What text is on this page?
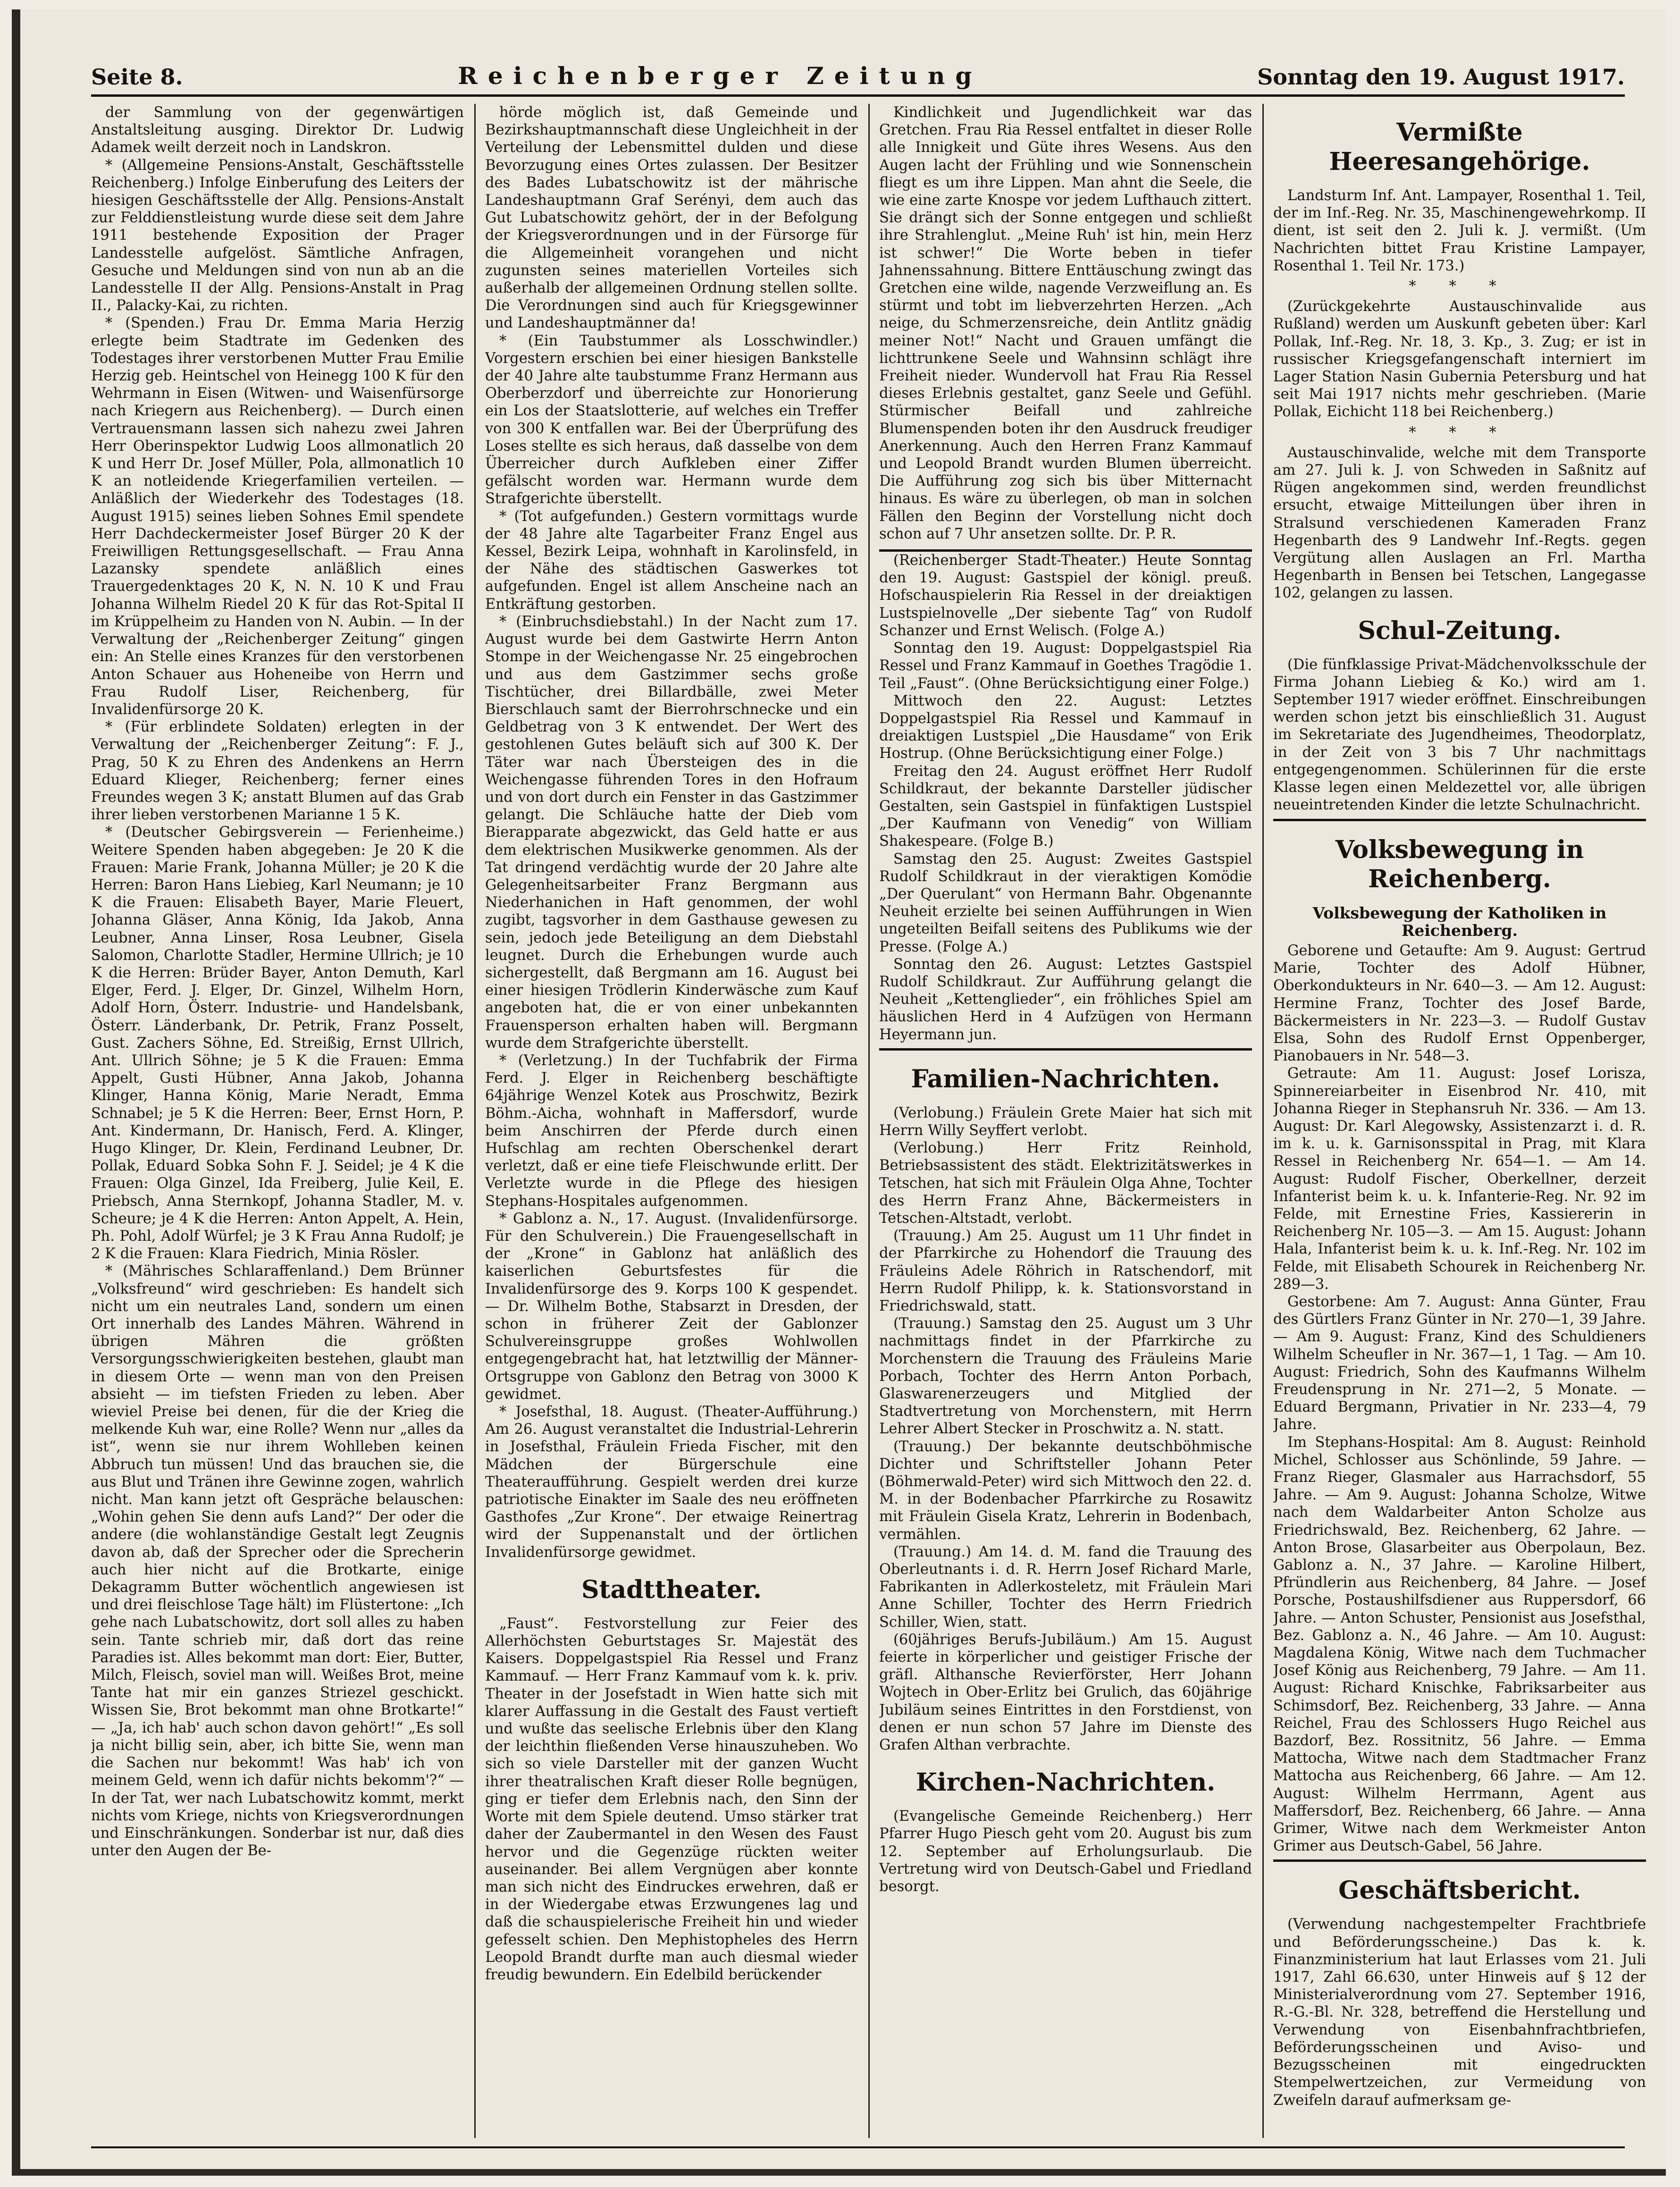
Seite 8.	Reichenberger Zeitung	Sonntag den 19. August 1917.

der Sammlung von der gegenwärtigen Anstaltsleitung ausging. Direktor Dr. Ludwig Adamek weilt derzeit noch in Landskron.

* (Allgemeine Pensions-Anstalt, Geschäftsstelle Reichenberg.) Infolge Einberufung des Leiters der hiesigen Geschäftsstelle der Allg. Pensions-Anstalt zur Felddienstleistung wurde diese seit dem Jahre 1911 bestehende Exposition der Prager Landesstelle aufgelöst. Sämtliche Anfragen, Gesuche und Meldungen sind von nun ab an die Landesstelle II der Allg. Pensions-Anstalt in Prag II., Palacky-Kai, zu richten.

* (Spenden.) Frau Dr. Emma Maria Herzig erlegte beim Stadtrate im Gedenken des Todestages ihrer verstorbenen Mutter Frau Emilie Herzig geb. Heintschel von Heinegg 100 K für den Wehrmann in Eisen (Witwen- und Waisenfürsorge nach Kriegern aus Reichenberg). — Durch einen Vertrauensmann lassen sich nahezu zwei Jahren Herr Oberinspektor Ludwig Loos allmonatlich 20 K und Herr Dr. Josef Müller, Pola, allmonatlich 10 K an notleidende Kriegerfamilien verteilen. — Anläßlich der Wiederkehr des Todestages (18. August 1915) seines lieben Sohnes Emil spendete Herr Dachdeckermeister Josef Bürger 20 K der Freiwilligen Rettungsgesellschaft. — Frau Anna Lazansky spendete anläßlich eines Trauergedenktages 20 K, N. N. 10 K und Frau Johanna Wilhelm Riedel 20 K für das Rot-Spital II im Krüppelheim zu Handen von N. Aubin. — In der Verwaltung der „Reichenberger Zeitung“ gingen ein: An Stelle eines Kranzes für den verstorbenen Anton Schauer aus Hoheneibe von Herrn und Frau Rudolf Liser, Reichenberg, für Invalidenfürsorge 20 K.

* (Für erblindete Soldaten) erlegten in der Verwaltung der „Reichenberger Zeitung“: F. J., Prag, 50 K zu Ehren des Andenkens an Herrn Eduard Klieger, Reichenberg; ferner eines Freundes wegen 3 K; anstatt Blumen auf das Grab ihrer lieben verstorbenen Marianne 1 5 K.

* (Deutscher Gebirgsverein — Ferienheime.) Weitere Spenden haben abgegeben: Je 20 K die Frauen: Marie Frank, Johanna Müller; je 20 K die Herren: Baron Hans Liebieg, Karl Neumann; je 10 K die Frauen: Elisabeth Bayer, Marie Fleuert, Johanna Gläser, Anna König, Ida Jakob, Anna Leubner, Anna Linser, Rosa Leubner, Gisela Salomon, Charlotte Stadler, Hermine Ullrich; je 10 K die Herren: Brüder Bayer, Anton Demuth, Karl Elger, Ferd. J. Elger, Dr. Ginzel, Wilhelm Horn, Adolf Horn, Österr. Industrie- und Handelsbank, Österr. Länderbank, Dr. Petrik, Franz Posselt, Gust. Zachers Söhne, Ed. Streißig, Ernst Ullrich, Ant. Ullrich Söhne; je 5 K die Frauen: Emma Appelt, Gusti Hübner, Anna Jakob, Johanna Klinger, Hanna König, Marie Neradt, Emma Schnabel; je 5 K die Herren: Beer, Ernst Horn, P. Ant. Kindermann, Dr. Hanisch, Ferd. A. Klinger, Hugo Klinger, Dr. Klein, Ferdinand Leubner, Dr. Pollak, Eduard Sobka Sohn F. J. Seidel; je 4 K die Frauen: Olga Ginzel, Ida Freiberg, Julie Keil, E. Priebsch, Anna Sternkopf, Johanna Stadler, M. v. Scheure; je 4 K die Herren: Anton Appelt, A. Hein, Ph. Pohl, Adolf Würfel; je 3 K Frau Anna Rudolf; je 2 K die Frauen: Klara Fiedrich, Minia Rösler.

* (Mährisches Schlaraffenland.) Dem Brünner „Volksfreund“ wird geschrieben: Es handelt sich nicht um ein neutrales Land, sondern um einen Ort innerhalb des Landes Mähren. Während in übrigen Mähren die größten Versorgungsschwierigkeiten bestehen, glaubt man in diesem Orte — wenn man von den Preisen absieht — im tiefsten Frieden zu leben. Aber wieviel Preise bei denen, für die der Krieg die melkende Kuh war, eine Rolle? Wenn nur „alles da ist“, wenn sie nur ihrem Wohlleben keinen Abbruch tun müssen! Und das brauchen sie, die aus Blut und Tränen ihre Gewinne zogen, wahrlich nicht. Man kann jetzt oft Gespräche belauschen: „Wohin gehen Sie denn aufs Land?“ Der oder die andere (die wohlanständige Gestalt legt Zeugnis davon ab, daß der Sprecher oder die Sprecherin auch hier nicht auf die Brotkarte, einige Dekagramm Butter wöchentlich angewiesen ist und drei fleischlose Tage hält) im Flüstertone: „Ich gehe nach Lubatschowitz, dort soll alles zu haben sein. Tante schrieb mir, daß dort das reine Paradies ist. Alles bekommt man dort: Eier, Butter, Milch, Fleisch, soviel man will. Weißes Brot, meine Tante hat mir ein ganzes Striezel geschickt. Wissen Sie, Brot bekommt man ohne Brotkarte!“ — „Ja, ich hab' auch schon davon gehört!“ „Es soll ja nicht billig sein, aber, ich bitte Sie, wenn man die Sachen nur bekommt! Was hab' ich von meinem Geld, wenn ich dafür nichts bekomm'?“ — In der Tat, wer nach Lubatschowitz kommt, merkt nichts vom Kriege, nichts von Kriegsverordnungen und Einschränkungen. Sonderbar ist nur, daß dies unter den Augen der Be-

hörde möglich ist, daß Gemeinde und Bezirkshauptmannschaft diese Ungleichheit in der Verteilung der Lebensmittel dulden und diese Bevorzugung eines Ortes zulassen. Der Besitzer des Bades Lubatschowitz ist der mährische Landeshauptmann Graf Serényi, dem auch das Gut Lubatschowitz gehört, der in der Befolgung der Kriegsverordnungen und in der Fürsorge für die Allgemeinheit vorangehen und nicht zugunsten seines materiellen Vorteiles sich außerhalb der allgemeinen Ordnung stellen sollte. Die Verordnungen sind auch für Kriegsgewinner und Landeshauptmänner da!

* (Ein Taubstummer als Losschwindler.) Vorgestern erschien bei einer hiesigen Bankstelle der 40 Jahre alte taubstumme Franz Hermann aus Oberberzdorf und überreichte zur Honorierung ein Los der Staatslotterie, auf welches ein Treffer von 300 K entfallen war. Bei der Überprüfung des Loses stellte es sich heraus, daß dasselbe von dem Überreicher durch Aufkleben einer Ziffer gefälscht worden war. Hermann wurde dem Strafgerichte überstellt.

* (Tot aufgefunden.) Gestern vormittags wurde der 48 Jahre alte Tagarbeiter Franz Engel aus Kessel, Bezirk Leipa, wohnhaft in Karolinsfeld, in der Nähe des städtischen Gaswerkes tot aufgefunden. Engel ist allem Anscheine nach an Entkräftung gestorben.

* (Einbruchsdiebstahl.) In der Nacht zum 17. August wurde bei dem Gastwirte Herrn Anton Stompe in der Weichengasse Nr. 25 eingebrochen und aus dem Gastzimmer sechs große Tischtücher, drei Billardbälle, zwei Meter Bierschlauch samt der Bierrohrschnecke und ein Geldbetrag von 3 K entwendet. Der Wert des gestohlenen Gutes beläuft sich auf 300 K. Der Täter war nach Übersteigen des in die Weichengasse führenden Tores in den Hofraum und von dort durch ein Fenster in das Gastzimmer gelangt. Die Schläuche hatte der Dieb vom Bierapparate abgezwickt, das Geld hatte er aus dem elektrischen Musikwerke genommen. Als der Tat dringend verdächtig wurde der 20 Jahre alte Gelegenheitsarbeiter Franz Bergmann aus Niederhanichen in Haft genommen, der wohl zugibt, tagsvorher in dem Gasthause gewesen zu sein, jedoch jede Beteiligung an dem Diebstahl leugnet. Durch die Erhebungen wurde auch sichergestellt, daß Bergmann am 16. August bei einer hiesigen Trödlerin Kinderwäsche zum Kauf angeboten hat, die er von einer unbekannten Frauensperson erhalten haben will. Bergmann wurde dem Strafgerichte überstellt.

* (Verletzung.) In der Tuchfabrik der Firma Ferd. J. Elger in Reichenberg beschäftigte 64jährige Wenzel Kotek aus Proschwitz, Bezirk Böhm.-Aicha, wohnhaft in Maffersdorf, wurde beim Anschirren der Pferde durch einen Hufschlag am rechten Oberschenkel derart verletzt, daß er eine tiefe Fleischwunde erlitt. Der Verletzte wurde in die Pflege des hiesigen Stephans-Hospitales aufgenommen.

* Gablonz a. N., 17. August. (Invalidenfürsorge. Für den Schulverein.) Die Frauengesellschaft in der „Krone“ in Gablonz hat anläßlich des kaiserlichen Geburtsfestes für die Invalidenfürsorge des 9. Korps 100 K gespendet. — Dr. Wilhelm Bothe, Stabsarzt in Dresden, der schon in früherer Zeit der Gablonzer Schulvereinsgruppe großes Wohlwollen entgegengebracht hat, hat letztwillig der Männer-Ortsgruppe von Gablonz den Betrag von 3000 K gewidmet.

* Josefsthal, 18. August. (Theater-Aufführung.) Am 26. August veranstaltet die Industrial-Lehrerin in Josefsthal, Fräulein Frieda Fischer, mit den Mädchen der Bürgerschule eine Theateraufführung. Gespielt werden drei kurze patriotische Einakter im Saale des neu eröffneten Gasthofes „Zur Krone“. Der etwaige Reinertrag wird der Suppenanstalt und der örtlichen Invalidenfürsorge gewidmet.

Stadttheater.

„Faust“. Festvorstellung zur Feier des Allerhöchsten Geburtstages Sr. Majestät des Kaisers. Doppelgastspiel Ria Ressel und Franz Kammauf. — Herr Franz Kammauf vom k. k. priv. Theater in der Josefstadt in Wien hatte sich mit klarer Auffassung in die Gestalt des Faust vertieft und wußte das seelische Erlebnis über den Klang der leichthin fließenden Verse hinauszuheben. Wo sich so viele Darsteller mit der ganzen Wucht ihrer theatralischen Kraft dieser Rolle begnügen, ging er tiefer dem Erlebnis nach, den Sinn der Worte mit dem Spiele deutend. Umso stärker trat daher der Zaubermantel in den Wesen des Faust hervor und die Gegenzüge rückten weiter auseinander. Bei allem Vergnügen aber konnte man sich nicht des Eindruckes erwehren, daß er in der Wiedergabe etwas Erzwungenes lag und daß die schauspielerische Freiheit hin und wieder gefesselt schien. Den Mephistopheles des Herrn Leopold Brandt durfte man auch diesmal wieder freudig bewundern. Ein Edelbild berückender

Kindlichkeit und Jugendlichkeit war das Gretchen. Frau Ria Ressel entfaltet in dieser Rolle alle Innigkeit und Güte ihres Wesens. Aus den Augen lacht der Frühling und wie Sonnenschein fliegt es um ihre Lippen. Man ahnt die Seele, die wie eine zarte Knospe vor jedem Lufthauch zittert. Sie drängt sich der Sonne entgegen und schließt ihre Strahlenglut. „Meine Ruh' ist hin, mein Herz ist schwer!“ Die Worte beben in tiefer Jahnenssahnung. Bittere Enttäuschung zwingt das Gretchen eine wilde, nagende Verzweiflung an. Es stürmt und tobt im liebverzehrten Herzen. „Ach neige, du Schmerzensreiche, dein Antlitz gnädig meiner Not!“ Nacht und Grauen umfängt die lichttrunkene Seele und Wahnsinn schlägt ihre Freiheit nieder. Wundervoll hat Frau Ria Ressel dieses Erlebnis gestaltet, ganz Seele und Gefühl. Stürmischer Beifall und zahlreiche Blumenspenden boten ihr den Ausdruck freudiger Anerkennung. Auch den Herren Franz Kammauf und Leopold Brandt wurden Blumen überreicht. Die Aufführung zog sich bis über Mitternacht hinaus. Es wäre zu überlegen, ob man in solchen Fällen den Beginn der Vorstellung nicht doch schon auf 7 Uhr ansetzen sollte. Dr. P. R.

(Reichenberger Stadt-Theater.) Heute Sonntag den 19. August: Gastspiel der königl. preuß. Hofschauspielerin Ria Ressel in der dreiaktigen Lustspielnovelle „Der siebente Tag“ von Rudolf Schanzer und Ernst Welisch. (Folge A.)

Sonntag den 19. August: Doppelgastspiel Ria Ressel und Franz Kammauf in Goethes Tragödie 1. Teil „Faust“. (Ohne Berücksichtigung einer Folge.)

Mittwoch den 22. August: Letztes Doppelgastspiel Ria Ressel und Kammauf in dreiaktigen Lustspiel „Die Hausdame“ von Erik Hostrup. (Ohne Berücksichtigung einer Folge.)

Freitag den 24. August eröffnet Herr Rudolf Schildkraut, der bekannte Darsteller jüdischer Gestalten, sein Gastspiel in fünfaktigen Lustspiel „Der Kaufmann von Venedig“ von William Shakespeare. (Folge B.)

Samstag den 25. August: Zweites Gastspiel Rudolf Schildkraut in der vieraktigen Komödie „Der Querulant“ von Hermann Bahr. Obgenannte Neuheit erzielte bei seinen Aufführungen in Wien ungeteilten Beifall seitens des Publikums wie der Presse. (Folge A.)

Sonntag den 26. August: Letztes Gastspiel Rudolf Schildkraut. Zur Aufführung gelangt die Neuheit „Kettenglieder“, ein fröhliches Spiel am häuslichen Herd in 4 Aufzügen von Hermann Heyermann jun.

Familien-Nachrichten.

(Verlobung.) Fräulein Grete Maier hat sich mit Herrn Willy Seyffert verlobt.

(Verlobung.) Herr Fritz Reinhold, Betriebsassistent des städt. Elektrizitätswerkes in Tetschen, hat sich mit Fräulein Olga Ahne, Tochter des Herrn Franz Ahne, Bäckermeisters in Tetschen-Altstadt, verlobt.

(Trauung.) Am 25. August um 11 Uhr findet in der Pfarrkirche zu Hohendorf die Trauung des Fräuleins Adele Röhrich in Ratschendorf, mit Herrn Rudolf Philipp, k. k. Stationsvorstand in Friedrichswald, statt.

(Trauung.) Samstag den 25. August um 3 Uhr nachmittags findet in der Pfarrkirche zu Morchenstern die Trauung des Fräuleins Marie Porbach, Tochter des Herrn Anton Porbach, Glaswarenerzeugers und Mitglied der Stadtvertretung von Morchenstern, mit Herrn Lehrer Albert Stecker in Proschwitz a. N. statt.

(Trauung.) Der bekannte deutschböhmische Dichter und Schriftsteller Johann Peter (Böhmerwald-Peter) wird sich Mittwoch den 22. d. M. in der Bodenbacher Pfarrkirche zu Rosawitz mit Fräulein Gisela Kratz, Lehrerin in Bodenbach, vermählen.

(Trauung.) Am 14. d. M. fand die Trauung des Oberleutnants i. d. R. Herrn Josef Richard Marle, Fabrikanten in Adlerkosteletz, mit Fräulein Mari Anne Schiller, Tochter des Herrn Friedrich Schiller, Wien, statt.

(60jähriges Berufs-Jubiläum.) Am 15. August feierte in körperlicher und geistiger Frische der gräfl. Althansche Revierförster, Herr Johann Wojtech in Ober-Erlitz bei Grulich, das 60jährige Jubiläum seines Eintrittes in den Forstdienst, von denen er nun schon 57 Jahre im Dienste des Grafen Althan verbrachte.

Kirchen-Nachrichten.

(Evangelische Gemeinde Reichenberg.) Herr Pfarrer Hugo Piesch geht vom 20. August bis zum 12. September auf Erholungsurlaub. Die Vertretung wird von Deutsch-Gabel und Friedland besorgt.

Vermißte Heeresangehörige.

Landsturm Inf. Ant. Lampayer, Rosenthal 1. Teil, der im Inf.-Reg. Nr. 35, Maschinengewehrkomp. II dient, ist seit den 2. Juli k. J. vermißt. (Um Nachrichten bittet Frau Kristine Lampayer, Rosenthal 1. Teil Nr. 173.)

* * *

(Zurückgekehrte Austauschinvalide aus Rußland) werden um Auskunft gebeten über: Karl Pollak, Inf.-Reg. Nr. 18, 3. Kp., 3. Zug; er ist in russischer Kriegsgefangenschaft interniert im Lager Station Nasin Gubernia Petersburg und hat seit Mai 1917 nichts mehr geschrieben. (Marie Pollak, Eichicht 118 bei Reichenberg.)

* * *

Austauschinvalide, welche mit dem Transporte am 27. Juli k. J. von Schweden in Saßnitz auf Rügen angekommen sind, werden freundlichst ersucht, etwaige Mitteilungen über ihren in Stralsund verschiedenen Kameraden Franz Hegenbarth des 9 Landwehr Inf.-Regts. gegen Vergütung allen Auslagen an Frl. Martha Hegenbarth in Bensen bei Tetschen, Langegasse 102, gelangen zu lassen.

Schul-Zeitung.

(Die fünfklassige Privat-Mädchenvolksschule der Firma Johann Liebieg & Ko.) wird am 1. September 1917 wieder eröffnet. Einschreibungen werden schon jetzt bis einschließlich 31. August im Sekretariate des Jugendheimes, Theodorplatz, in der Zeit von 3 bis 7 Uhr nachmittags entgegengenommen. Schülerinnen für die erste Klasse legen einen Meldezettel vor, alle übrigen neueintretenden Kinder die letzte Schulnachricht.

Volksbewegung in Reichenberg.

Volksbewegung der Katholiken in Reichenberg.

Geborene und Getaufte: Am 9. August: Gertrud Marie, Tochter des Adolf Hübner, Oberkondukteurs in Nr. 640—3. — Am 12. August: Hermine Franz, Tochter des Josef Barde, Bäckermeisters in Nr. 223—3. — Rudolf Gustav Elsa, Sohn des Rudolf Ernst Oppenberger, Pianobauers in Nr. 548—3.

Getraute: Am 11. August: Josef Lorisza, Spinnereiarbeiter in Eisenbrod Nr. 410, mit Johanna Rieger in Stephansruh Nr. 336. — Am 13. August: Dr. Karl Alegowsky, Assistenzarzt i. d. R. im k. u. k. Garnisonsspital in Prag, mit Klara Ressel in Reichenberg Nr. 654—1. — Am 14. August: Rudolf Fischer, Oberkellner, derzeit Infanterist beim k. u. k. Infanterie-Reg. Nr. 92 im Felde, mit Ernestine Fries, Kassiererin in Reichenberg Nr. 105—3. — Am 15. August: Johann Hala, Infanterist beim k. u. k. Inf.-Reg. Nr. 102 im Felde, mit Elisabeth Schourek in Reichenberg Nr. 289—3.

Gestorbene: Am 7. August: Anna Günter, Frau des Gürtlers Franz Günter in Nr. 270—1, 39 Jahre. — Am 9. August: Franz, Kind des Schuldieners Wilhelm Scheufler in Nr. 367—1, 1 Tag. — Am 10. August: Friedrich, Sohn des Kaufmanns Wilhelm Freudensprung in Nr. 271—2, 5 Monate. — Eduard Bergmann, Privatier in Nr. 233—4, 79 Jahre.

Im Stephans-Hospital: Am 8. August: Reinhold Michel, Schlosser aus Schönlinde, 59 Jahre. — Franz Rieger, Glasmaler aus Harrachsdorf, 55 Jahre. — Am 9. August: Johanna Scholze, Witwe nach dem Waldarbeiter Anton Scholze aus Friedrichswald, Bez. Reichenberg, 62 Jahre. — Anton Brose, Glasarbeiter aus Oberpolaun, Bez. Gablonz a. N., 37 Jahre. — Karoline Hilbert, Pfründlerin aus Reichenberg, 84 Jahre. — Josef Porsche, Postaushilfsdiener aus Ruppersdorf, 66 Jahre. — Anton Schuster, Pensionist aus Josefsthal, Bez. Gablonz a. N., 46 Jahre. — Am 10. August: Magdalena König, Witwe nach dem Tuchmacher Josef König aus Reichenberg, 79 Jahre. — Am 11. August: Richard Knischke, Fabriksarbeiter aus Schimsdorf, Bez. Reichenberg, 33 Jahre. — Anna Reichel, Frau des Schlossers Hugo Reichel aus Bazdorf, Bez. Rossitnitz, 56 Jahre. — Emma Mattocha, Witwe nach dem Stadtmacher Franz Mattocha aus Reichenberg, 66 Jahre. — Am 12. August: Wilhelm Herrmann, Agent aus Maffersdorf, Bez. Reichenberg, 66 Jahre. — Anna Grimer, Witwe nach dem Werkmeister Anton Grimer aus Deutsch-Gabel, 56 Jahre.

Geschäftsbericht.

(Verwendung nachgestempelter Frachtbriefe und Beförderungsscheine.) Das k. k. Finanzministerium hat laut Erlasses vom 21. Juli 1917, Zahl 66.630, unter Hinweis auf § 12 der Ministerialverordnung vom 27. September 1916, R.-G.-Bl. Nr. 328, betreffend die Herstellung und Verwendung von Eisenbahnfrachtbriefen, Beförderungsscheinen und Aviso- und Bezugsscheinen mit eingedruckten Stempelwertzeichen, zur Vermeidung von Zweifeln darauf aufmerksam ge-
